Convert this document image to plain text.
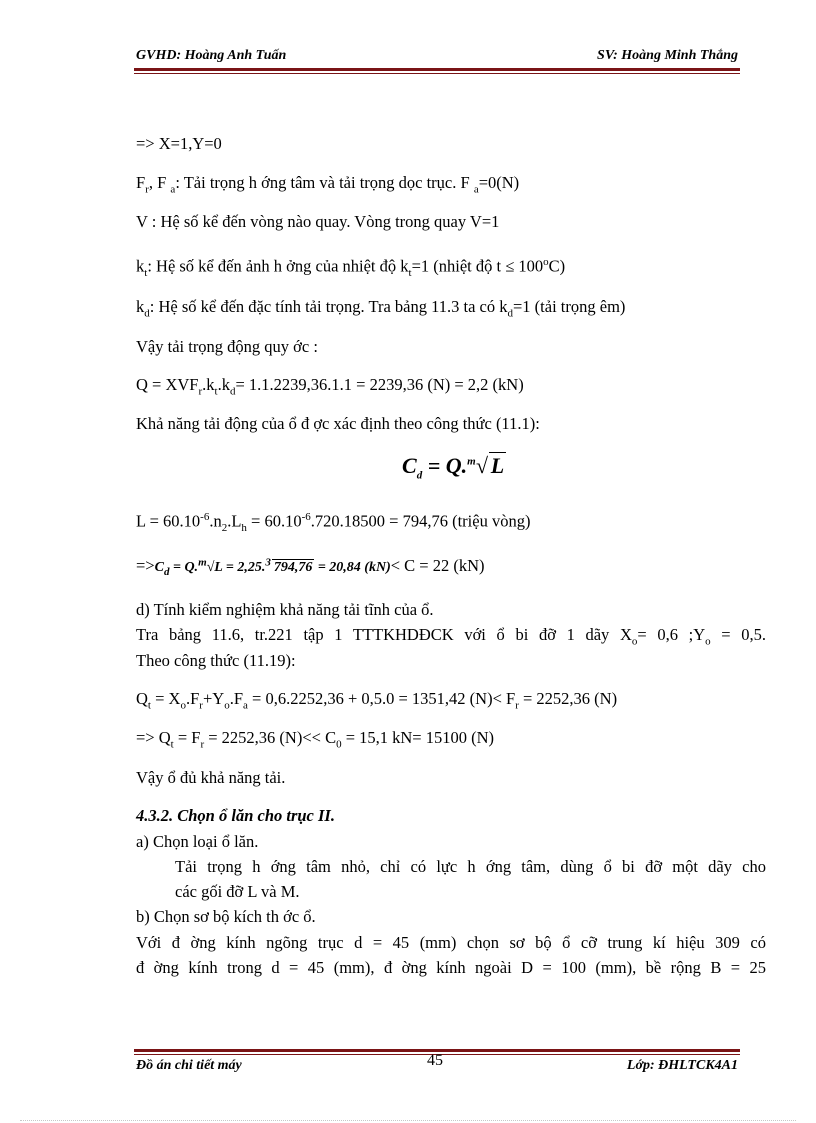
GVHD: Hoàng Anh Tuấn	SV: Hoàng Minh Thắng
=> X=1,Y=0
$F_r$, F $_a$: Tải trọng h ớng tâm và tải trọng dọc trục. F $_a$=0(N)
V : Hệ số kể đến vòng nào quay. Vòng trong quay V=1
$k_t$: Hệ số kể đến ảnh h ởng của nhiệt độ $k_t=1$ (nhiệt độ $t \le 100^oC$)
$k_d$: Hệ số kể đến đặc tính tải trọng. Tra bảng 11.3 ta có $k_d=1$ (tải trọng êm)
Vậy tải trọng động quy ớc :
$Q = XVF_r.k_t.k_d= 1.1.2239,36.1.1 = 2239,36$ (N) = 2,2 (kN)
Khả năng tải động của ổ đ ợc xác định theo công thức (11.1):
$C_d = Q.^m√$ L
$L = 60.10^{-6}.n_2.L_h = 60.10^{-6}.720.18500 = 794,76$ (triệu vòng)
$=>C_d = Q.^m√L = 2,25.^3$ 794,76 = 20,84 (kN)< C = 22 (kN)
d) Tính kiểm nghiệm khả năng tải tĩnh của ổ.
Tra bảng 11.6, tr.221 tập 1 TTTKHDĐCK với ổ bi đỡ 1 dãy $X_o= 0,6$ $;Y_o = 0,5$.
Theo công thức (11.19):
$Q_t = X_o.F_r+Y_o.F_a = 0,6.2252,36 + 0,5.0 = 1351,42$ $(N)< F_r = 2252,36$ (N)
=> $Q_t = F_r = 2252,36$ $(N)<< C_0 = 15,1$ kN= 15100 (N)
Vậy ổ đủ khả năng tải.
4.3.2. Chọn ổ lăn cho trục II.
a) Chọn loại ổ lăn.
Tải trọng h ớng tâm nhỏ, chỉ có lực h ớng tâm, dùng ổ bi đỡ một dãy cho
các gối đỡ L và M.
b) Chọn sơ bộ kích th ớc ổ.
Với đ ờng kính ngõng trục d = 45 (mm) chọn sơ bộ ổ cỡ trung kí hiệu 309 có
đ ờng kính trong d = 45 (mm), đ ờng kính ngoài D = 100 (mm), bề rộng B = 25
Đồ án chi tiết máy	45	Lớp: ĐHLTCK4A1
